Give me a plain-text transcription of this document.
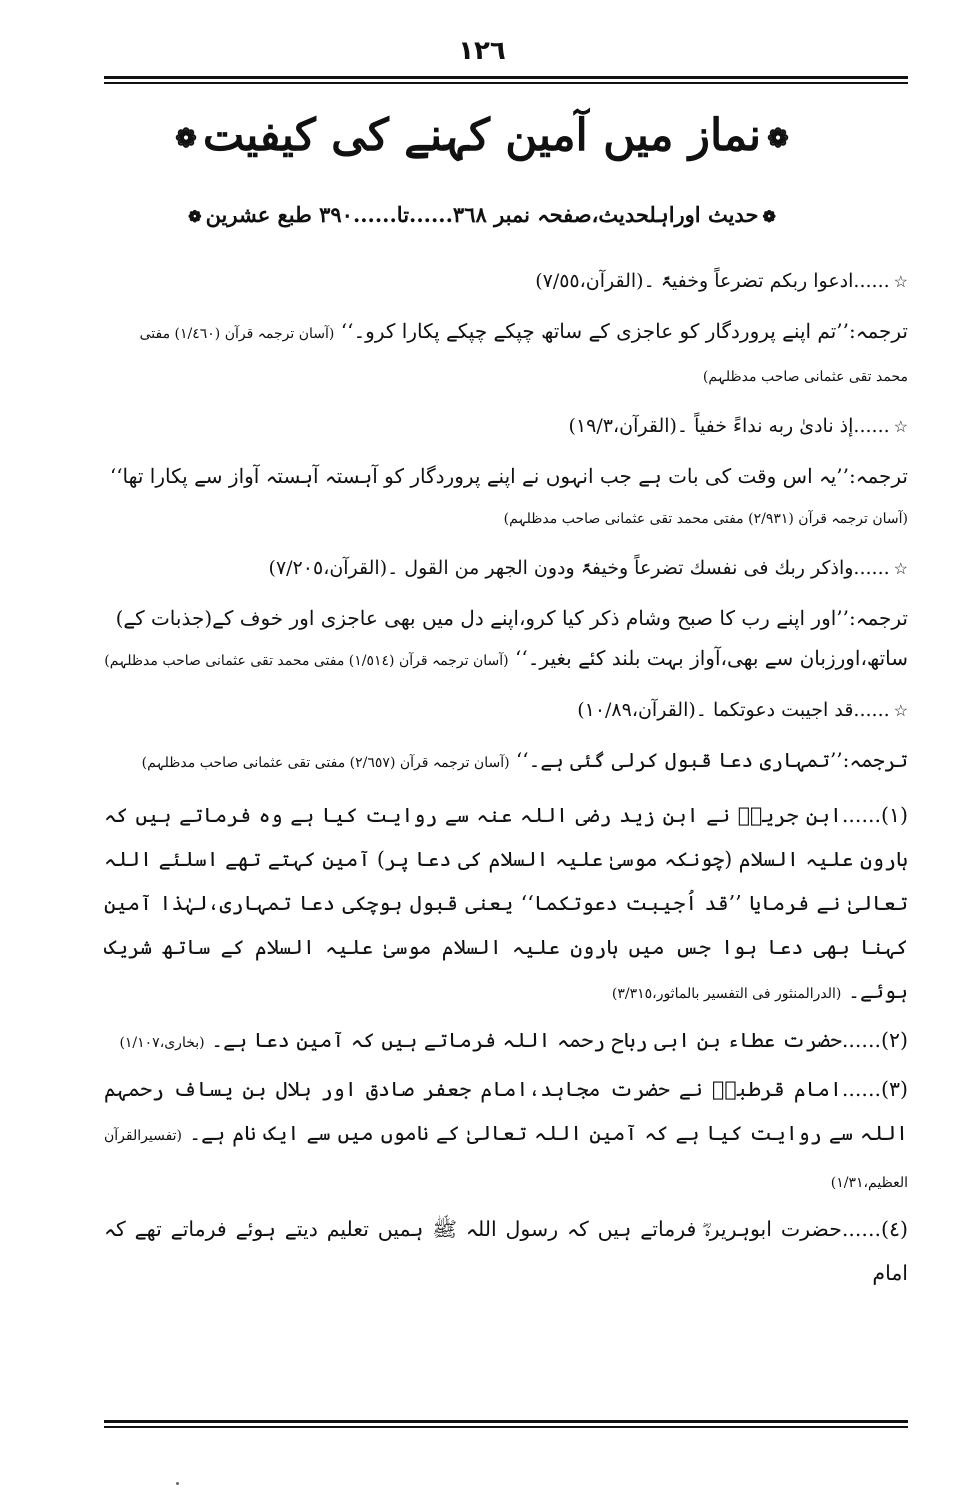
١٢٦
❁نماز میں آمین کہنے کی کیفیت❁
❁حدیث اوراہلحدیث،صفحہ نمبر ٣٦٨......تا......٣٩٠ طبع عشرین❁

☆......ادعوا ربکم تضرعاً وخفیۃً ۔(القرآن،٧/٥٥)

ترجمہ:’’تم اپنے پروردگار کو عاجزی کے ساتھ چپکے چپکے پکارا کرو۔‘‘ (آسان ترجمہ قرآن (١/٤٦٠) مفتی محمد تقی عثمانی صاحب مدظلہم)

☆......إذ نادیٰ ربه نداءً خفیاً ۔(القرآن،١٩/٣)

ترجمہ:’’یہ اس وقت کی بات ہے جب انہوں نے اپنے پروردگار کو آہستہ آہستہ آواز سے پکارا تھا‘‘ (آسان ترجمہ قرآن (٢/٩٣١) مفتی محمد تقی عثمانی صاحب مدظلہم)

☆......واذکر ربك فی نفسك تضرعاً وخیفۃً ودون الجھر من القول ۔(القرآن،٧/٢٠٥)

ترجمہ:’’اور اپنے رب کا صبح وشام ذکر کیا کرو،اپنے دل میں بھی عاجزی اور خوف کے(جذبات کے) ساتھ،اورزبان سے بھی،آواز بہت بلند کئے بغیر۔‘‘ (آسان ترجمہ قرآن (١/٥١٤) مفتی محمد تقی عثمانی صاحب مدظلہم)

☆......قد اجیبت دعوتکما ۔(القرآن،١٠/٨٩)

ترجمہ:’’تمہاری دعا قبول کرلی گئی ہے۔‘‘ (آسان ترجمہ قرآن (٢/٦٥٧) مفتی تقی عثمانی صاحب مدظلہم)

(١)......ابن جریرؒ نے ابن زید رضی اللہ عنہ سے روایت کیا ہے وہ فرماتے ہیں کہ ہارون علیہ السلام (چونکہ موسیٰ علیہ السلام کی دعا پر) آمین کہتے تھے اسلئے اللہ تعالیٰ نے فرمایا ’’قد اُجیبت دعوتکما‘‘ یعنی قبول ہوچکی دعا تمہاری،لہٰذا آمین کہنا بھی دعا ہوا جس میں ہارون علیہ السلام موسیٰ علیہ السلام کے ساتھ شریک ہوئے۔ (الدرالمنثور فی التفسیر بالماثور،٣/٣١٥)

(٢)......حضرت عطاء بن ابی رباح رحمہ اللہ فرماتے ہیں کہ آمین دعا ہے۔ (بخاری،١/١٠٧)

(٣)......امام قرطبیؒ نے حضرت مجاہد،امام جعفر صادق اور ہلال بن یساف رحمہم اللہ سے روایت کیا ہے کہ آمین اللہ تعالیٰ کے ناموں میں سے ایک نام ہے۔ (تفسیرالقرآن العظیم،١/٣١)

(٤)......حضرت ابوہریرہؓ فرماتے ہیں کہ رسول اللہ ﷺ ہمیں تعلیم دیتے ہوئے فرماتے تھے کہ امام
